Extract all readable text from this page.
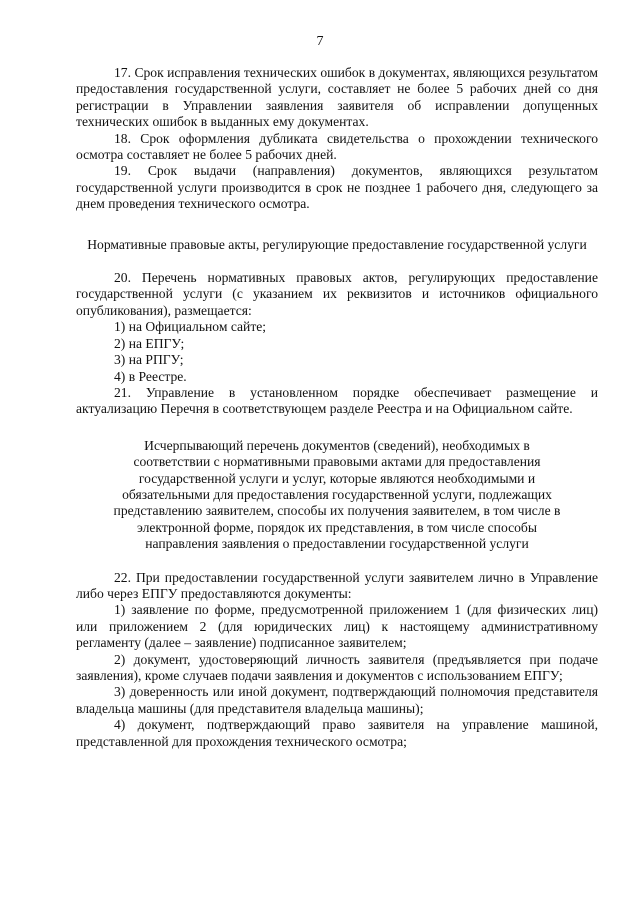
7

17. Срок исправления технических ошибок в документах, являющихся результатом предоставления государственной услуги, составляет не более 5 рабочих дней со дня регистрации в Управлении заявления заявителя об исправлении допущенных технических ошибок в выданных ему документах.

18. Срок оформления дубликата свидетельства о прохождении технического осмотра составляет не более 5 рабочих дней.

19. Срок выдачи (направления) документов, являющихся результатом государственной услуги производится в срок не позднее 1 рабочего дня, следующего за днем проведения технического осмотра.

Нормативные правовые акты, регулирующие предоставление государственной услуги

20. Перечень нормативных правовых актов, регулирующих предоставление государственной услуги (с указанием их реквизитов и источников официального опубликования), размещается:

1) на Официальном сайте;

2) на ЕПГУ;

3) на РПГУ;

4) в Реестре.

21. Управление в установленном порядке обеспечивает размещение и актуализацию Перечня в соответствующем разделе Реестра и на Официальном сайте.

Исчерпывающий перечень документов (сведений), необходимых в соответствии с нормативными правовыми актами для предоставления государственной услуги и услуг, которые являются необходимыми и обязательными для предоставления государственной услуги, подлежащих представлению заявителем, способы их получения заявителем, в том числе в электронной форме, порядок их представления, в том числе способы направления заявления о предоставлении государственной услуги

22. При предоставлении государственной услуги заявителем лично в Управление либо через ЕПГУ предоставляются документы:

1) заявление по форме, предусмотренной приложением 1 (для физических лиц) или приложением 2 (для юридических лиц) к настоящему административному регламенту (далее – заявление) подписанное заявителем;

2) документ, удостоверяющий личность заявителя (предъявляется при подаче заявления), кроме случаев подачи заявления и документов с использованием ЕПГУ;

3) доверенность или иной документ, подтверждающий полномочия представителя владельца машины (для представителя владельца машины);

4) документ, подтверждающий право заявителя на управление машиной, представленной для прохождения технического осмотра;
